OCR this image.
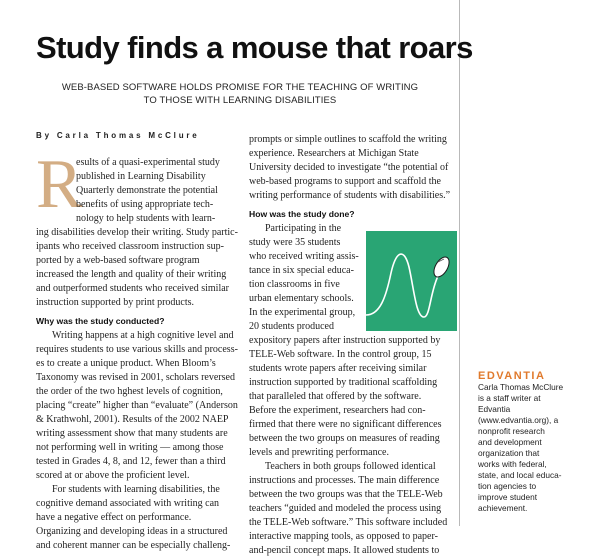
Study finds a mouse that roars
WEB-BASED SOFTWARE HOLDS PROMISE FOR THE TEACHING OF WRITING
TO THOSE WITH LEARNING DISABILITIES
By Carla Thomas McClure
R
esults of a quasi-experimental study
published in Learning Disability
Quarterly demonstrate the potential
benefits of using appropriate tech-
nology to help students with learn-
ing disabilities develop their writing. Study partic-
ipants who received classroom instruction sup-
ported by a web-based software program
increased the length and quality of their writing
and outperformed students who received similar
instruction supported by print products.
Why was the study conducted?
Writing happens at a high cognitive level and
requires students to use various skills and process-
es to create a unique product. When Bloom’s
Taxonomy was revised in 2001, scholars reversed
the order of the two hghest levels of cognition,
placing “create” higher than “evaluate” (Anderson
& Krathwohl, 2001). Results of the 2002 NAEP
writing assessment show that many students are
not performing well in writing — among those
tested in Grades 4, 8, and 12, fewer than a third
scored at or above the proficient level.
For students with learning disabilities, the
cognitive demand associated with writing can
have a negative effect on performance.
Organizing and developing ideas in a structured
and coherent manner can be especially challeng-
prompts or simple outlines to scaffold the writing
experience. Researchers at Michigan State
University decided to investigate “the potential of
web-based programs to support and scaffold the
writing performance of students with disabilities.”
How was the study done?
Participating in the
study were 35 students
who received writing assis-
tance in six special educa-
tion classrooms in five
urban elementary schools.
In the experimental group,
20 students produced
expository papers after instruction supported by
TELE-Web software. In the control group, 15
students wrote papers after receiving similar
instruction supported by traditional scaffolding
that paralleled that offered by the software.
Before the experiment, researchers had con-
firmed that there were no significant differences
between the two groups on measures of reading
levels and prewriting performance.
Teachers in both groups followed identical
instructions and processes. The main difference
between the two groups was that the TELE-Web
teachers “guided and modeled the process using
the TELE-Web software.” This software included
interactive mapping tools, as opposed to paper-
and-pencil concept maps. It allowed students to
EDVANTIA
Carla Thomas McClure
is a staff writer at
Edvantia
(www.edvantia.org), a
nonprofit research
and development
organization that
works with federal,
state, and local educa-
tion agencies to
improve student
achievement.
